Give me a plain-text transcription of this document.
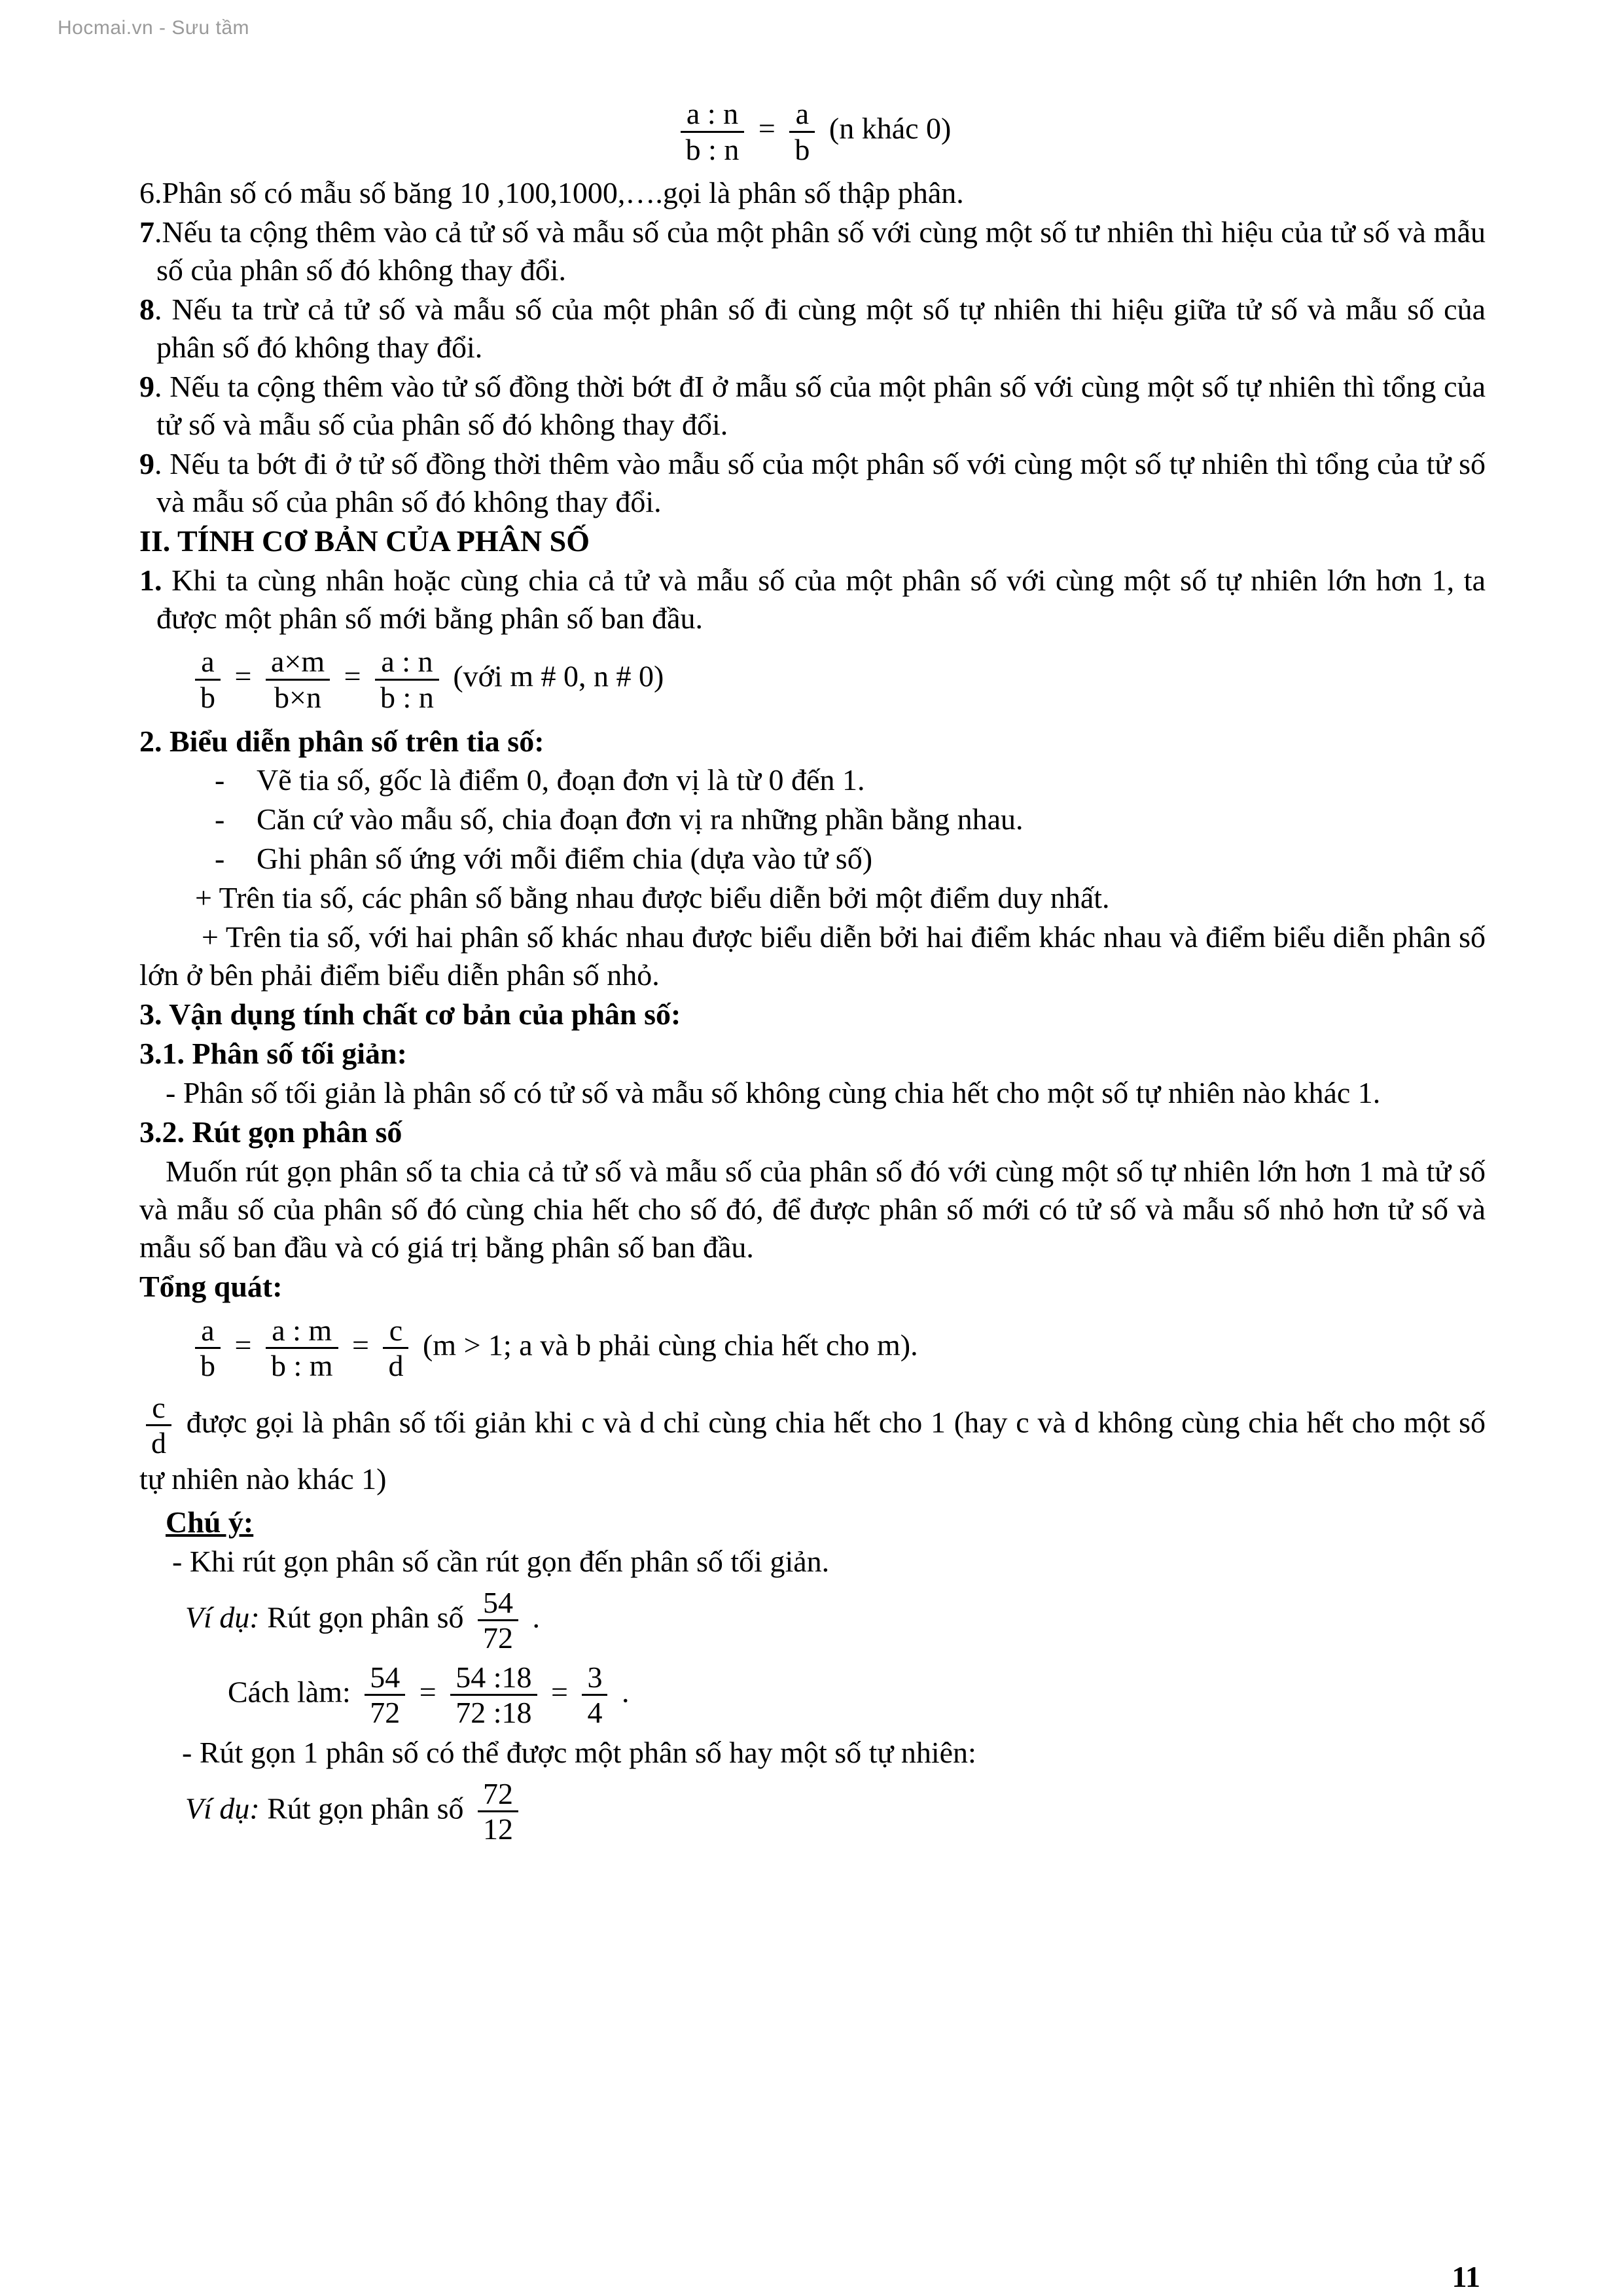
Hocmai.vn - Sưu tầm
$\frac{a : n}{b : n} = \frac{a}{b} (n$ khác 0)
6.Phân số có mẫu số băng 10 ,100,1000,….gọi là phân số thập phân.
7.Nếu ta cộng thêm vào cả tử số và mẫu số của một phân số với cùng một số tư nhiên thì hiệu của tử số và mẫu số của phân số đó không thay đổi.
8. Nếu ta trừ cả tử số và mẫu số của một phân số đi cùng một số tự nhiên thi hiệu giữa tử số và mẫu số của phân số đó không thay đổi.
9. Nếu ta cộng thêm vào tử số đồng thời bớt đI ở mẫu số của một phân số với cùng một số tự nhiên thì tổng của tử số và mẫu số của phân số đó không thay đổi.
9. Nếu ta bớt đi ở tử số đồng thời thêm vào mẫu số của một phân số với cùng một số tự nhiên thì tổng của tử số và mẫu số của phân số đó không thay đổi.
II. TÍNH CƠ BẢN CỦA PHÂN SỐ
1. Khi ta cùng nhân hoặc cùng chia cả tử và mẫu số của một phân số với cùng một số tự nhiên lớn hơn 1, ta được một phân số mới bằng phân số ban đầu.
$\frac{a}{b} = \frac{a\times m}{b\times n} = \frac{a : n}{b : n}$ (với m # 0, n # 0)
2. Biểu diễn phân số trên tia số:
- Vẽ tia số, gốc là điểm 0, đoạn đơn vị là từ 0 đến 1.
- Căn cứ vào mẫu số, chia đoạn đơn vị ra những phần bằng nhau.
- Ghi phân số ứng với mỗi điểm chia (dựa vào tử số)
+ Trên tia số, các phân số bằng nhau được biểu diễn bởi một điểm duy nhất.
+ Trên tia số, với hai phân số khác nhau được biểu diễn bởi hai điểm khác nhau và điểm biểu diễn phân số lớn ở bên phải điểm biểu diễn phân số nhỏ.
3. Vận dụng tính chất cơ bản của phân số:
3.1. Phân số tối giản:
- Phân số tối giản là phân số có tử số và mẫu số không cùng chia hết cho một số tự nhiên nào khác 1.
3.2. Rút gọn phân số
Muốn rút gọn phân số ta chia cả tử số và mẫu số của phân số đó với cùng một số tự nhiên lớn hơn 1 mà tử số và mẫu số của phân số đó cùng chia hết cho số đó, để được phân số mới có tử số và mẫu số nhỏ hơn tử số và mẫu số ban đầu và có giá trị bằng phân số ban đầu.
Tổng quát:
$\frac{a}{b} = \frac{a : m}{b : m} = \frac{c}{d} (m > 1$; a và b phải cùng chia hết cho m).
$\frac{c}{d}$ được gọi là phân số tối giản khi c và d chỉ cùng chia hết cho 1 (hay c và d không cùng chia hết cho một số tự nhiên nào khác 1)
Chú ý:
- Khi rút gọn phân số cần rút gọn đến phân số tối giản.
Ví dụ: Rút gọn phân số $\frac{54}{72}$ .
Cách làm: $\frac{54}{72} = \frac{54 :18}{72 :18} = \frac{3}{4}$ .
- Rút gọn 1 phân số có thể được một phân số hay một số tự nhiên:
Ví dụ: Rút gọn phân số $\frac{72}{12}$
11
